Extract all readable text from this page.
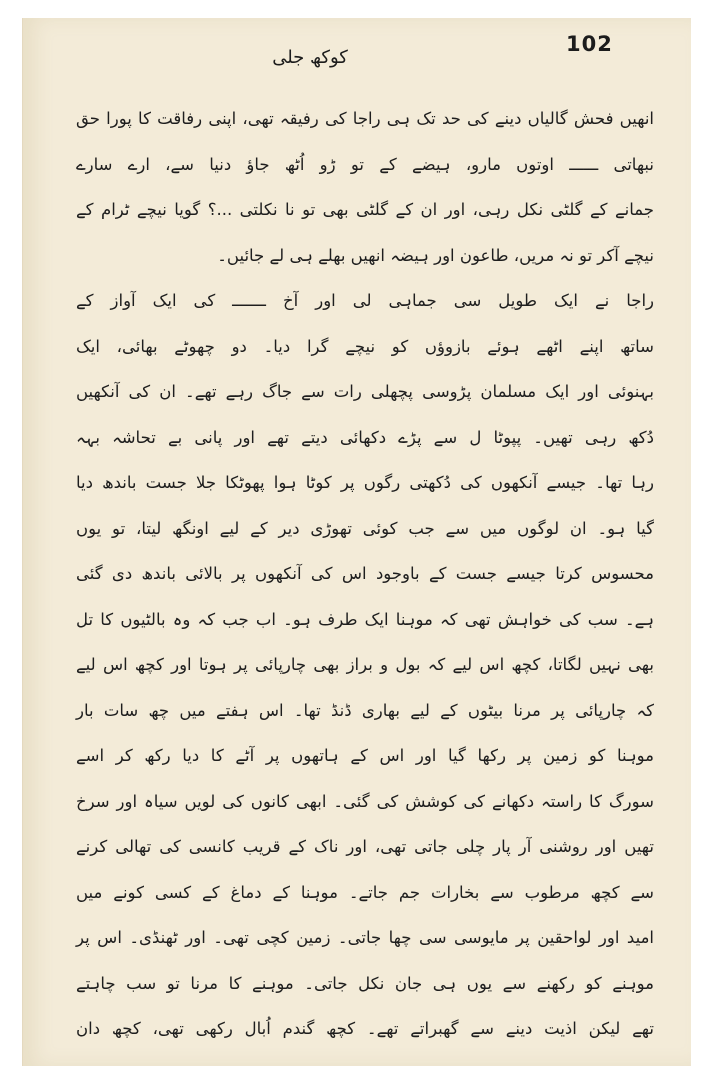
102
کوکھ جلی
انھیں فحش گالیاں دینے کی حد تک ہی راجا کی رفیقہ تھی، اپنی رفاقت کا پورا حق
نبھاتی ــــــ اوتوں مارو، ہیضے کے تو ڑو اُٹھ جاؤ دنیا سے، ارے سارے
جمانے کے گلٹی نکل رہی، اور ان کے گلٹی بھی تو نا نکلتی ...؟ گویا نیچے ٹرام کے
نیچے آکر تو نہ مریں، طاعون اور ہیضہ انھیں بھلے ہی لے جائیں۔
راجا نے ایک طویل سی جماہی لی اور آخ ـــــــ کی ایک آواز کے
ساتھ اپنے اٹھے ہوئے بازوؤں کو نیچے گرا دیا۔ دو چھوٹے بھائی، ایک
بہنوئی اور ایک مسلمان پڑوسی پچھلی رات سے جاگ رہے تھے۔ ان کی آنکھیں
دُکھ رہی تھیں۔ پپوٹا ل سے پڑے دکھائی دیتے تھے اور پانی بے تحاشہ بہہ
رہا تھا۔ جیسے آنکھوں کی دُکھتی رگوں پر کوٹا ہوا پھوٹکا جلا جست باندھ دیا
گیا ہو۔ ان لوگوں میں سے جب کوئی تھوڑی دیر کے لیے اونگھ لیتا، تو یوں
محسوس کرتا جیسے جست کے باوجود اس کی آنکھوں پر بالائی باندھ دی گئی
ہے۔ سب کی خواہش تھی کہ موہنا ایک طرف ہو۔ اب جب کہ وہ بالٹیوں کا تل
بھی نہیں لگاتا، کچھ اس لیے کہ بول و براز بھی چارپائی پر ہوتا اور کچھ اس لیے
کہ چارپائی پر مرنا بیٹوں کے لیے بھاری ڈنڈ تھا۔ اس ہفتے میں چھ سات بار
موہنا کو زمین پر رکھا گیا اور اس کے ہاتھوں پر آٹے کا دیا رکھ کر اسے
سورگ کا راستہ دکھانے کی کوشش کی گئی۔ ابھی کانوں کی لویں سیاہ اور سرخ
تھیں اور روشنی آر پار چلی جاتی تھی، اور ناک کے قریب کانسی کی تھالی کرنے
سے کچھ مرطوب سے بخارات جم جاتے۔ موہنا کے دماغ کے کسی کونے میں
امید اور لواحقین پر مایوسی سی چھا جاتی۔ زمین کچی تھی۔ اور ٹھنڈی۔ اس پر
موہنے کو رکھنے سے یوں ہی جان نکل جاتی۔ موہنے کا مرنا تو سب چاہتے
تھے لیکن اذیت دینے سے گھبراتے تھے۔ کچھ گندم اُبال رکھی تھی، کچھ دان
